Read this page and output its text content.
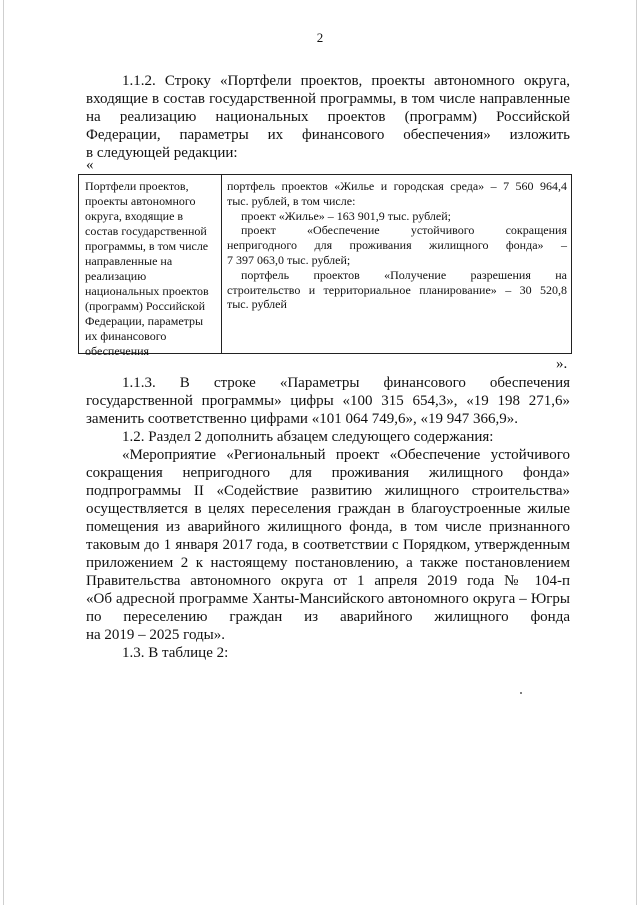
2
1.1.2. Строку «Портфели проектов, проекты автономного округа,
входящие в состав государственной программы, в том числе направленные
на реализацию национальных проектов (программ) Российской
Федерации, параметры их финансового обеспечения» изложить
в следующей редакции:
«
Портфели проектов,
проекты автономного
округа, входящие в
состав государственной
программы, в том числе
направленные на
реализацию
национальных проектов
(программ) Российской
Федерации, параметры
их финансового
обеспечения
портфель проектов «Жилье и городская среда» – 7 560 964,4
тыс. рублей, в том числе:
проект «Жилье» – 163 901,9 тыс. рублей;
проект «Обеспечение устойчивого сокращения
непригодного для проживания жилищного фонда» –
7 397 063,0 тыс. рублей;
портфель проектов «Получение разрешения на
строительство и территориальное планирование» – 30 520,8
тыс. рублей
».
1.1.3. В строке «Параметры финансового обеспечения
государственной программы» цифры «100 315 654,3», «19 198 271,6»
заменить соответственно цифрами «101 064 749,6», «19 947 366,9».
1.2. Раздел 2 дополнить абзацем следующего содержания:
«Мероприятие «Региональный проект «Обеспечение устойчивого
сокращения непригодного для проживания жилищного фонда»
подпрограммы II «Содействие развитию жилищного строительства»
осуществляется в целях переселения граждан в благоустроенные жилые
помещения из аварийного жилищного фонда, в том числе признанного
таковым до 1 января 2017 года, в соответствии с Порядком, утвержденным
приложением 2 к настоящему постановлению, а также постановлением
Правительства автономного округа от 1 апреля 2019 года № 104-п
«Об адресной программе Ханты-Мансийского автономного округа – Югры
по переселению граждан из аварийного жилищного фонда
на 2019 – 2025 годы».
1.3. В таблице 2:
